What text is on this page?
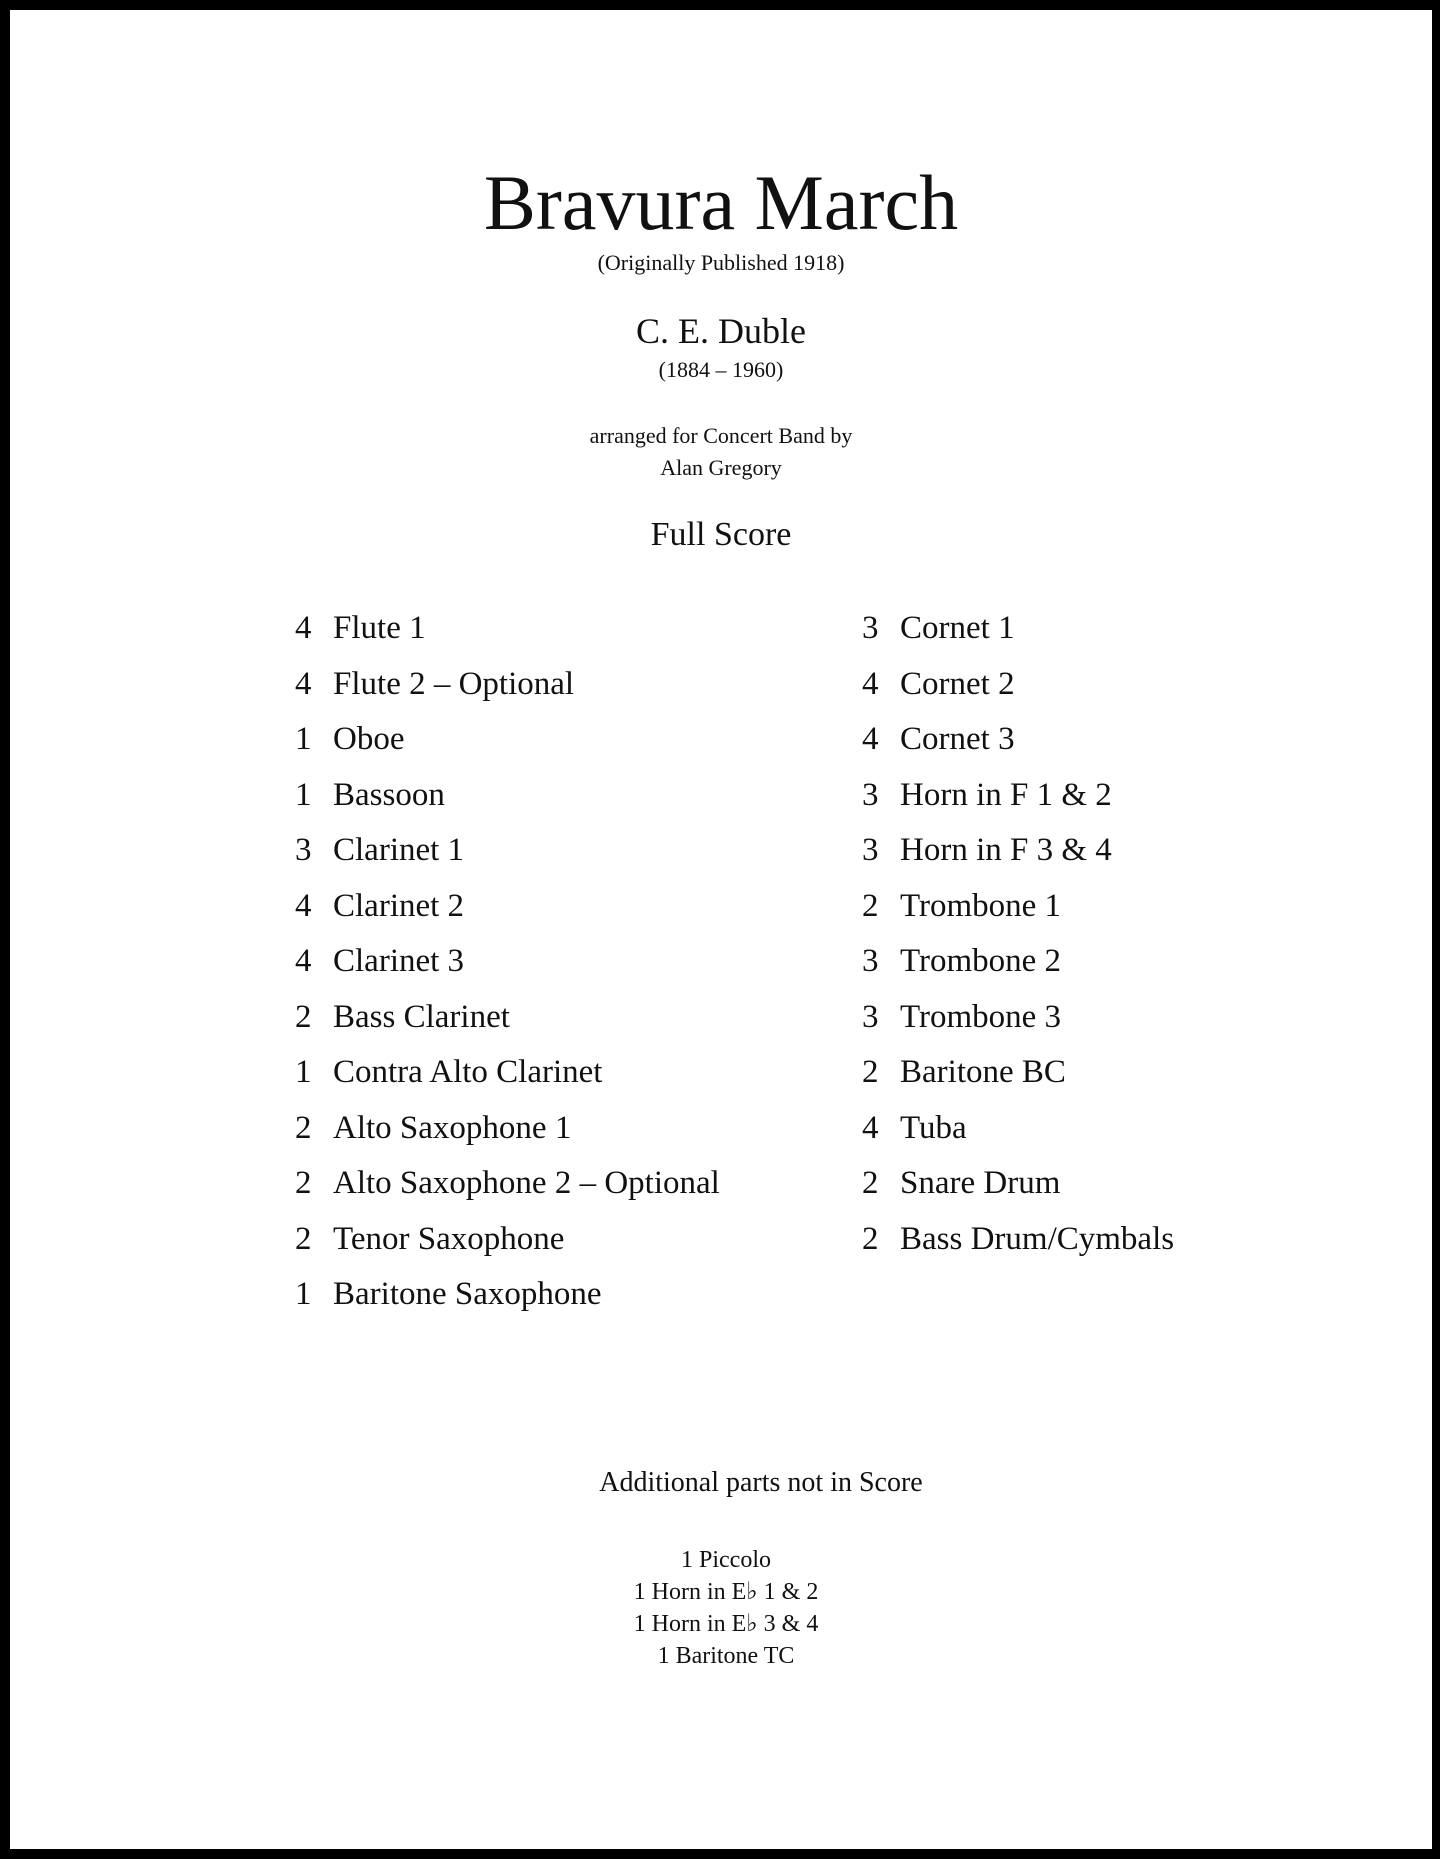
Bravura March
(Originally Published 1918)
C. E. Duble
(1884 – 1960)
arranged for Concert Band by
Alan Gregory
Full Score
4 Flute 1
4 Flute 2 – Optional
1 Oboe
1 Bassoon
3 Clarinet 1
4 Clarinet 2
4 Clarinet 3
2 Bass Clarinet
1 Contra Alto Clarinet
2 Alto Saxophone 1
2 Alto Saxophone 2 – Optional
2 Tenor Saxophone
1 Baritone Saxophone
3 Cornet 1
4 Cornet 2
4 Cornet 3
3 Horn in F 1 & 2
3 Horn in F 3 & 4
2 Trombone 1
3 Trombone 2
3 Trombone 3
2 Baritone BC
4 Tuba
2 Snare Drum
2 Bass Drum/Cymbals
Additional parts not in Score
1 Piccolo
1 Horn in E♭ 1 & 2
1 Horn in E♭ 3 & 4
1 Baritone TC
